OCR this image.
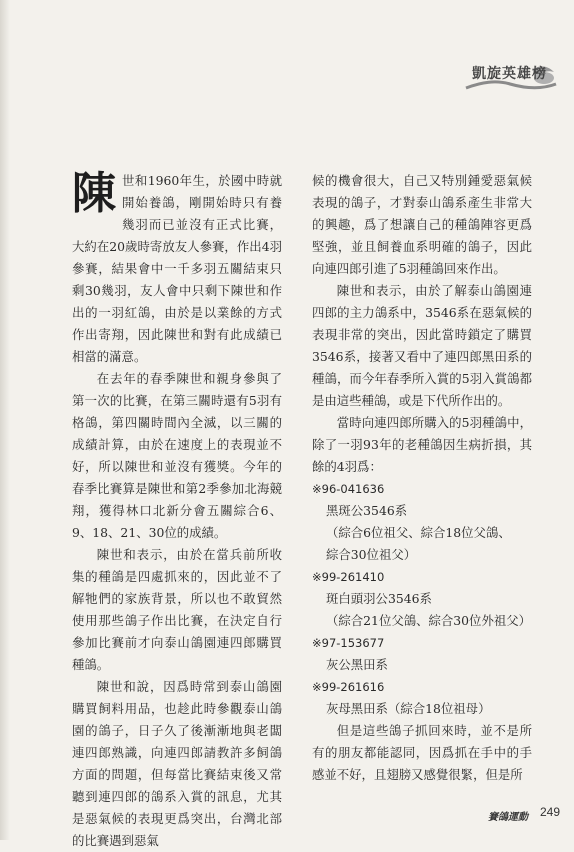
凱旋英雄榜

陳世和1960年生，於國中時就開始養鴿，剛開始時只有養幾羽而已並沒有正式比賽，大約在20歲時寄放友人參賽，作出4羽參賽，結果會中一千多羽五關結束只剩30幾羽，友人會中只剩下陳世和作出的一羽紅鴿，由於是以業餘的方式作出寄翔，因此陳世和對有此成績已相當的滿意。

在去年的春季陳世和親身參與了第一次的比賽，在第三關時還有5羽有格鴿，第四關時間內全滅，以三關的成績計算，由於在速度上的表現並不好，所以陳世和並沒有獲獎。今年的春季比賽算是陳世和第2季參加北海競翔，獲得林口北新分會五關綜合6、9、18、21、30位的成績。

陳世和表示，由於在當兵前所收集的種鴿是四處抓來的，因此並不了解牠們的家族背景，所以也不敢貿然使用那些鴿子作出比賽，在決定自行參加比賽前才向泰山鴿園連四郎購買種鴿。

陳世和說，因爲時常到泰山鴿園購買飼料用品，也趁此時參觀泰山鴿園的鴿子，日子久了後漸漸地與老闆連四郎熟識，向連四郎請教許多飼鴿方面的問題，但每當比賽結束後又常聽到連四郎的鴿系入賞的訊息，尤其是惡氣候的表現更爲突出，台灣北部的比賽遇到惡氣

候的機會很大，自己又特別鍾愛惡氣候表現的鴿子，才對泰山鴿系產生非常大的興趣，爲了想讓自己的種鴿陣容更爲堅強，並且飼養血系明確的鴿子，因此向連四郎引進了5羽種鴿回來作出。

陳世和表示，由於了解泰山鴿園連四郎的主力鴿系中，3546系在惡氣候的表現非常的突出，因此當時鎖定了購買3546系，接著又看中了連四郎黑田系的種鴿，而今年春季所入賞的5羽入賞鴿都是由這些種鴿，或是下代所作出的。

當時向連四郎所購入的5羽種鴿中，除了一羽93年的老種鴿因生病折損，其餘的4羽爲：

※96-041636
黑斑公3546系
（綜合6位祖父、綜合18位父鴿、
綜合30位祖父）
※99-261410
斑白頭羽公3546系
（綜合21位父鴿、綜合30位外祖父）
※97-153677
灰公黑田系
※99-261616
灰母黑田系（綜合18位祖母）

但是這些鴿子抓回來時，並不是所有的朋友都能認同，因爲抓在手中的手感並不好，且翅膀又感覺很緊，但是所

賽鴿運動 249
